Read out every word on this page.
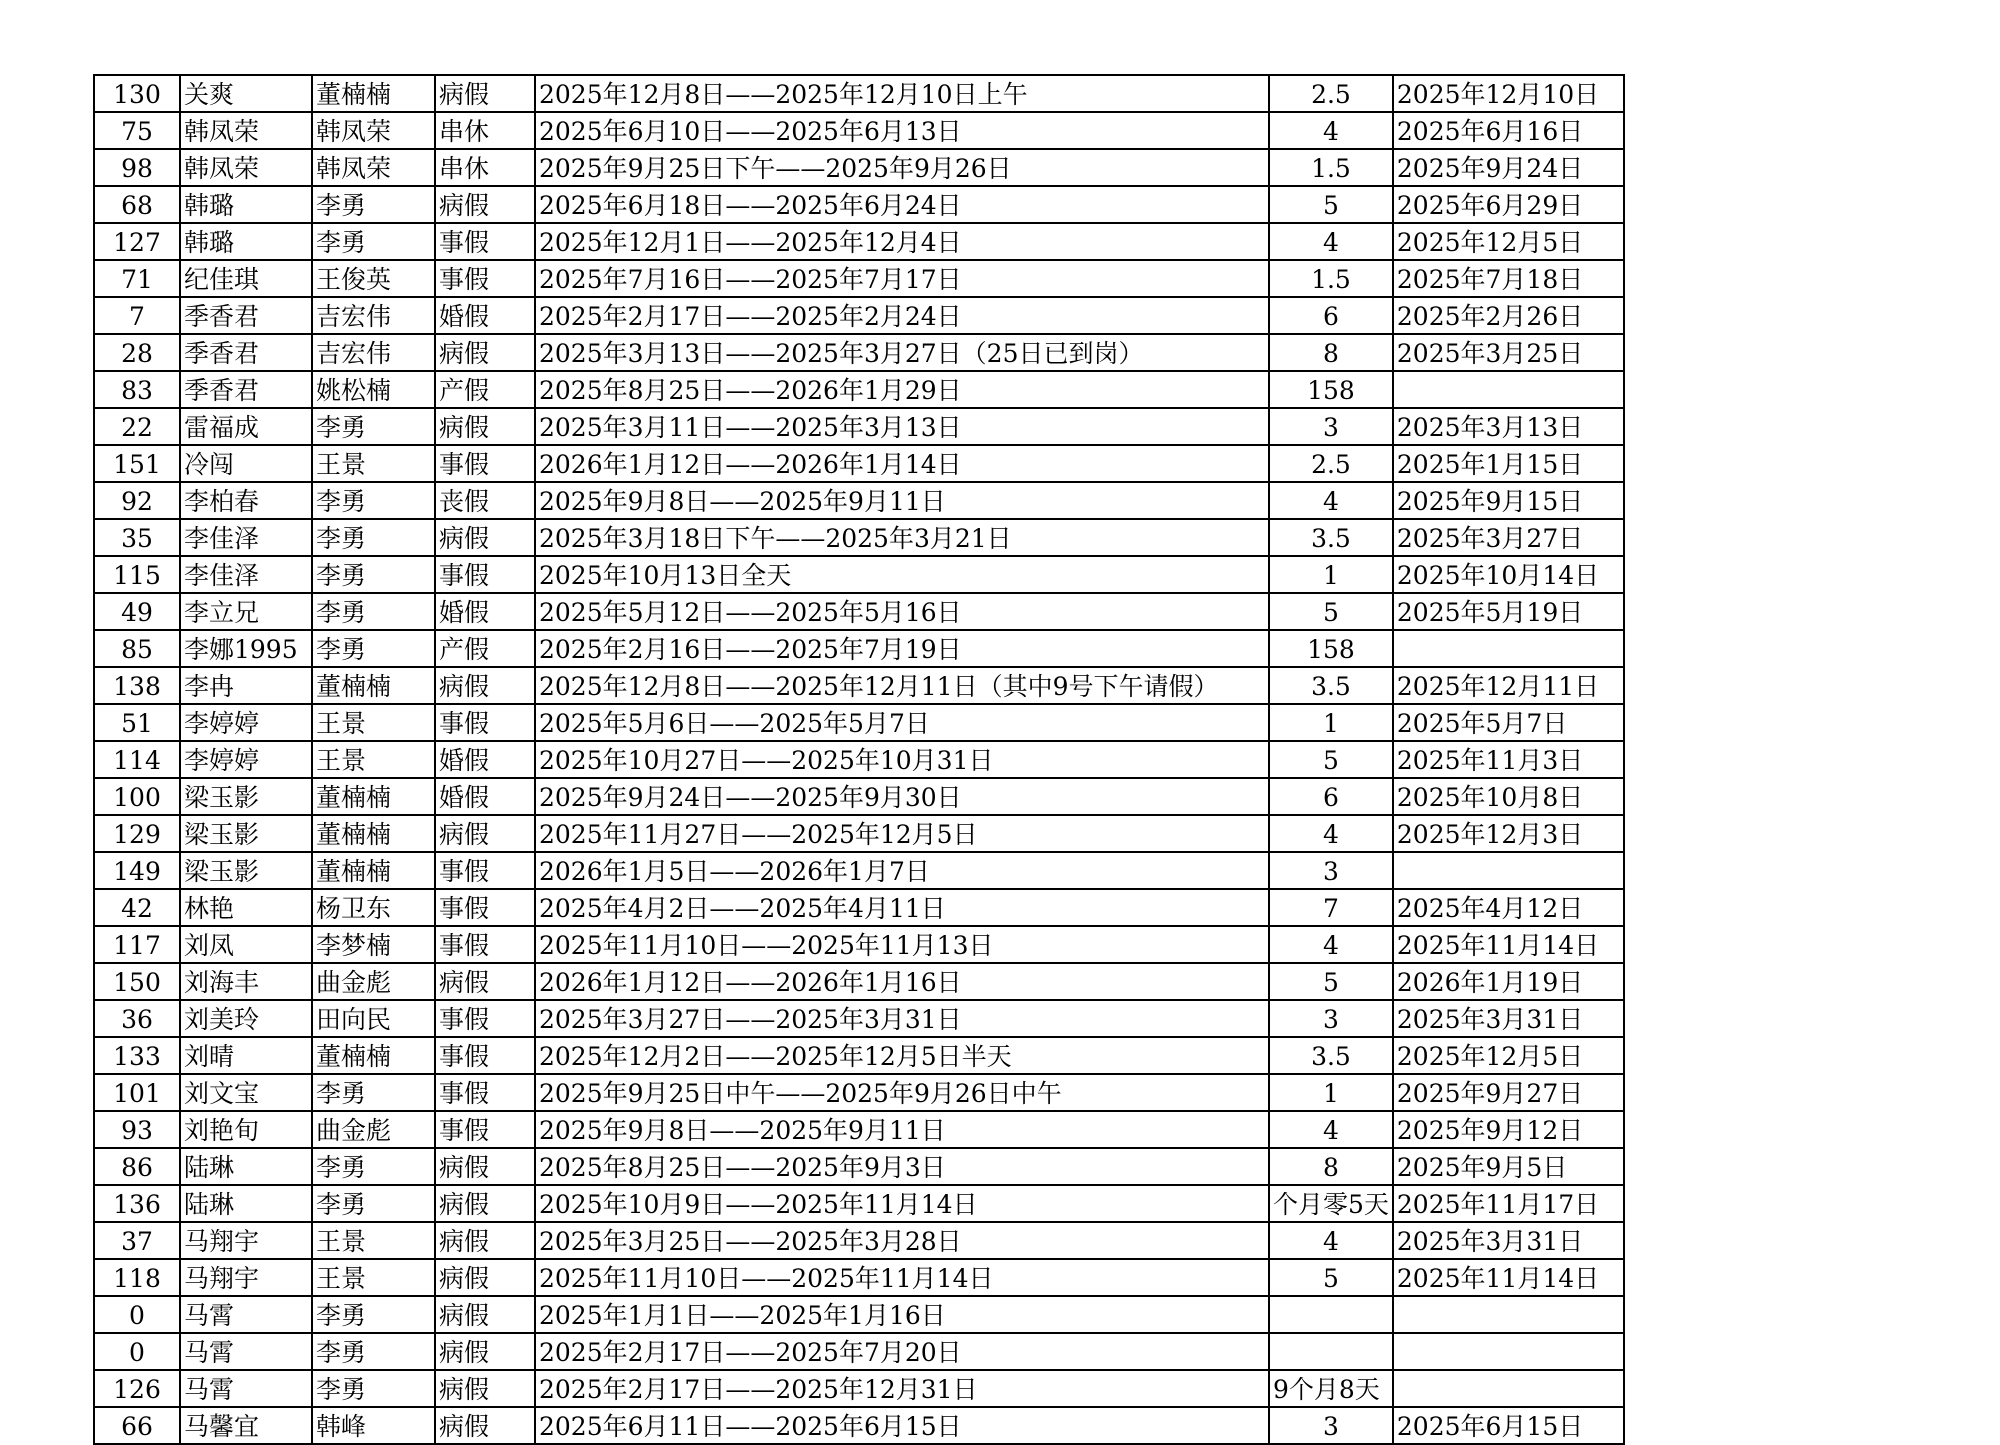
130	关爽	董楠楠	病假	2025年12月8日——2025年12月10日上午	2.5	2025年12月10日
75	韩凤荣	韩凤荣	串休	2025年6月10日——2025年6月13日	4	2025年6月16日
98	韩凤荣	韩凤荣	串休	2025年9月25日下午——2025年9月26日	1.5	2025年9月24日
68	韩璐	李勇	病假	2025年6月18日——2025年6月24日	5	2025年6月29日
127	韩璐	李勇	事假	2025年12月1日——2025年12月4日	4	2025年12月5日
71	纪佳琪	王俊英	事假	2025年7月16日——2025年7月17日	1.5	2025年7月18日
7	季香君	吉宏伟	婚假	2025年2月17日——2025年2月24日	6	2025年2月26日
28	季香君	吉宏伟	病假	2025年3月13日——2025年3月27日（25日已到岗）	8	2025年3月25日
83	季香君	姚松楠	产假	2025年8月25日——2026年1月29日	158	
22	雷福成	李勇	病假	2025年3月11日——2025年3月13日	3	2025年3月13日
151	冷闯	王景	事假	2026年1月12日——2026年1月14日	2.5	2025年1月15日
92	李柏春	李勇	丧假	2025年9月8日——2025年9月11日	4	2025年9月15日
35	李佳泽	李勇	病假	2025年3月18日下午——2025年3月21日	3.5	2025年3月27日
115	李佳泽	李勇	事假	2025年10月13日全天	1	2025年10月14日
49	李立兄	李勇	婚假	2025年5月12日——2025年5月16日	5	2025年5月19日
85	李娜1995	李勇	产假	2025年2月16日——2025年7月19日	158	
138	李冉	董楠楠	病假	2025年12月8日——2025年12月11日（其中9号下午请假）	3.5	2025年12月11日
51	李婷婷	王景	事假	2025年5月6日——2025年5月7日	1	2025年5月7日
114	李婷婷	王景	婚假	2025年10月27日——2025年10月31日	5	2025年11月3日
100	梁玉影	董楠楠	婚假	2025年9月24日——2025年9月30日	6	2025年10月8日
129	梁玉影	董楠楠	病假	2025年11月27日——2025年12月5日	4	2025年12月3日
149	梁玉影	董楠楠	事假	2026年1月5日——2026年1月7日	3	
42	林艳	杨卫东	事假	2025年4月2日——2025年4月11日	7	2025年4月12日
117	刘凤	李梦楠	事假	2025年11月10日——2025年11月13日	4	2025年11月14日
150	刘海丰	曲金彪	病假	2026年1月12日——2026年1月16日	5	2026年1月19日
36	刘美玲	田向民	事假	2025年3月27日——2025年3月31日	3	2025年3月31日
133	刘晴	董楠楠	事假	2025年12月2日——2025年12月5日半天	3.5	2025年12月5日
101	刘文宝	李勇	事假	2025年9月25日中午——2025年9月26日中午	1	2025年9月27日
93	刘艳旬	曲金彪	事假	2025年9月8日——2025年9月11日	4	2025年9月12日
86	陆琳	李勇	病假	2025年8月25日——2025年9月3日	8	2025年9月5日
136	陆琳	李勇	病假	2025年10月9日——2025年11月14日	个月零5天	2025年11月17日
37	马翔宇	王景	病假	2025年3月25日——2025年3月28日	4	2025年3月31日
118	马翔宇	王景	病假	2025年11月10日——2025年11月14日	5	2025年11月14日
0	马霄	李勇	病假	2025年1月1日——2025年1月16日		
0	马霄	李勇	病假	2025年2月17日——2025年7月20日		
126	马霄	李勇	病假	2025年2月17日——2025年12月31日	9个月8天	
66	马馨宜	韩峰	病假	2025年6月11日——2025年6月15日	3	2025年6月15日
